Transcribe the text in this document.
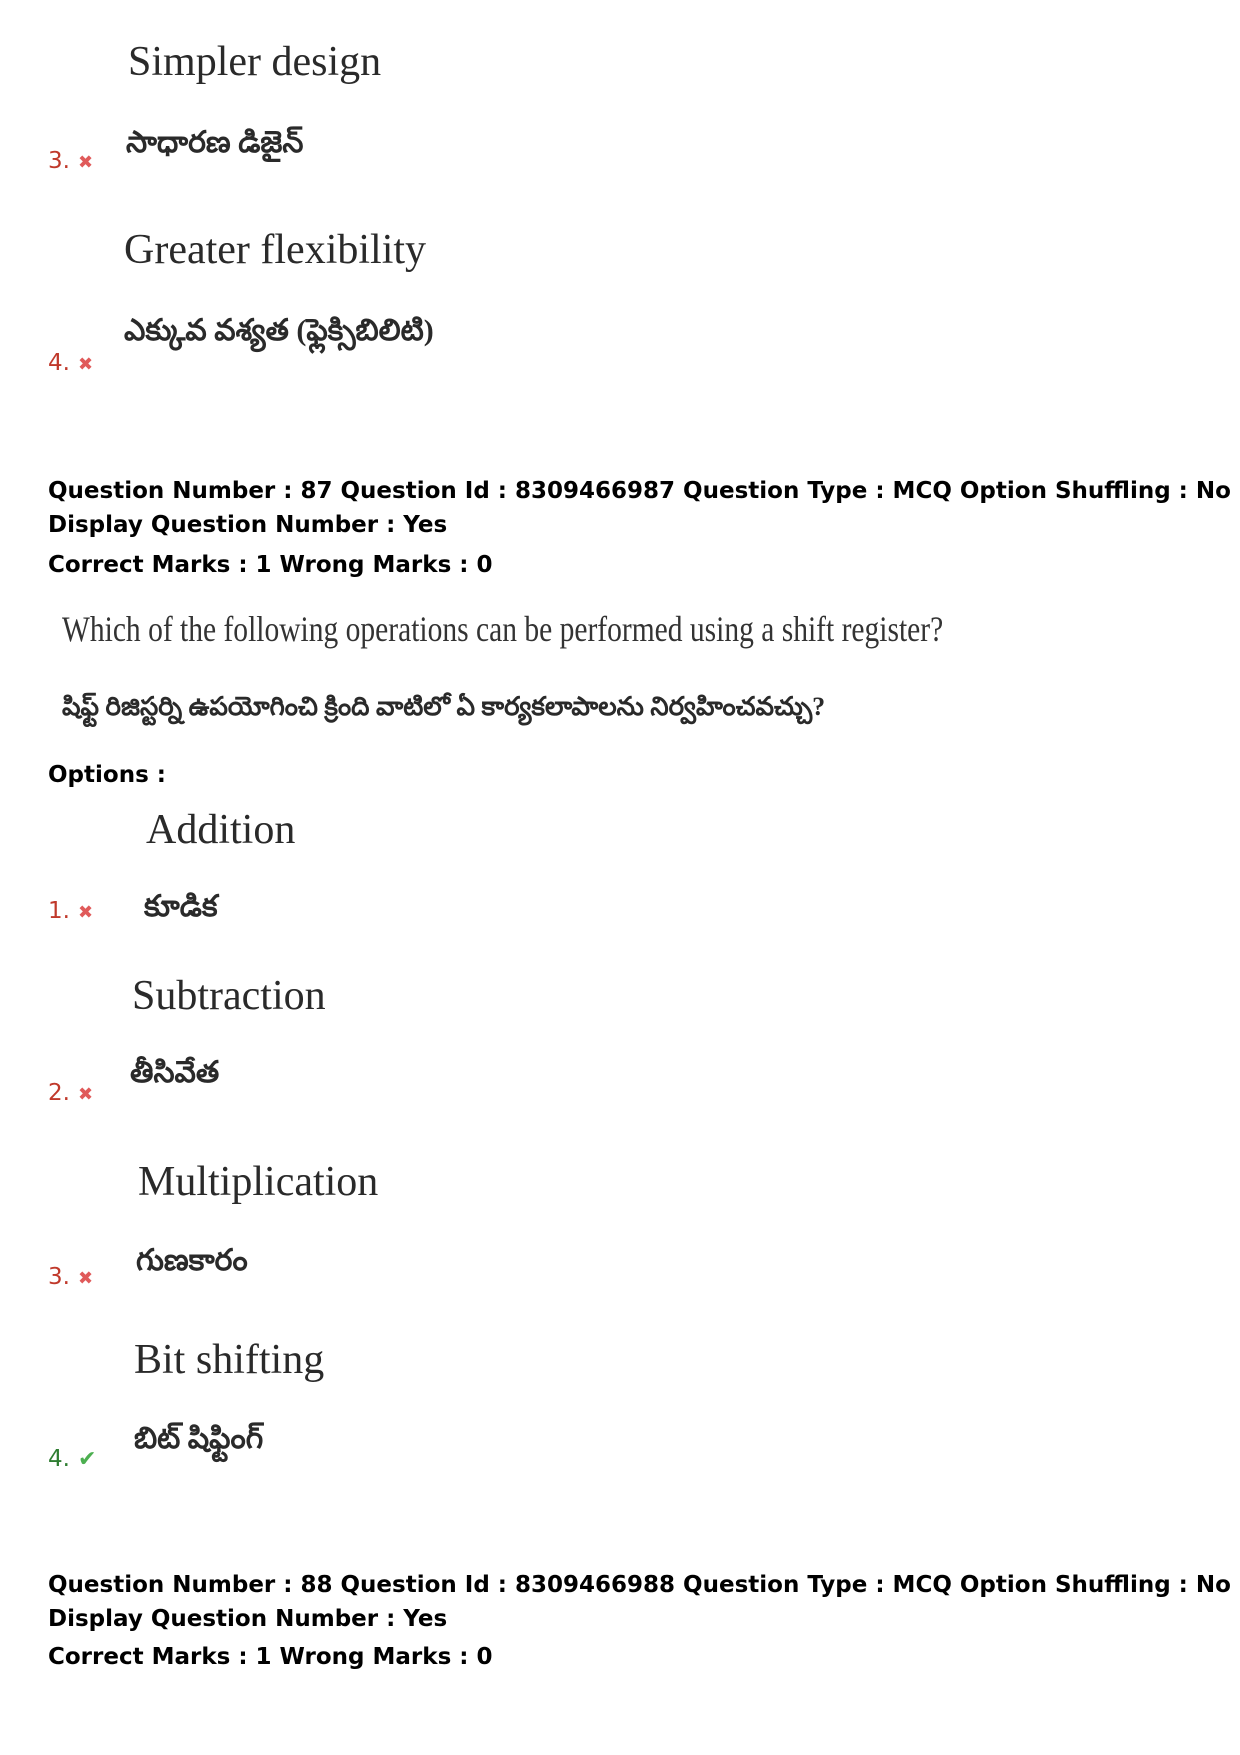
Simpler design
సాధారణ డిజైన్
3. ✖
Greater flexibility
ఎక్కువ వశ్యత (ఫ్లెక్సిబిలిటి)
4. ✖
Question Number : 87 Question Id : 8309466987 Question Type : MCQ Option Shuffling : No
Display Question Number : Yes
Correct Marks : 1 Wrong Marks : 0
Which of the following operations can be performed using a shift register?
షిఫ్ట్ రిజిస్టర్ని ఉపయోగించి క్రింది వాటిలో ఏ కార్యకలాపాలను నిర్వహించవచ్చు?
Options :
Addition
కూడిక
1. ✖
Subtraction
తీసివేత
2. ✖
Multiplication
గుణకారం
3. ✖
Bit shifting
బిట్ షిఫ్టింగ్
4. ✔
Question Number : 88 Question Id : 8309466988 Question Type : MCQ Option Shuffling : No
Display Question Number : Yes
Correct Marks : 1 Wrong Marks : 0
